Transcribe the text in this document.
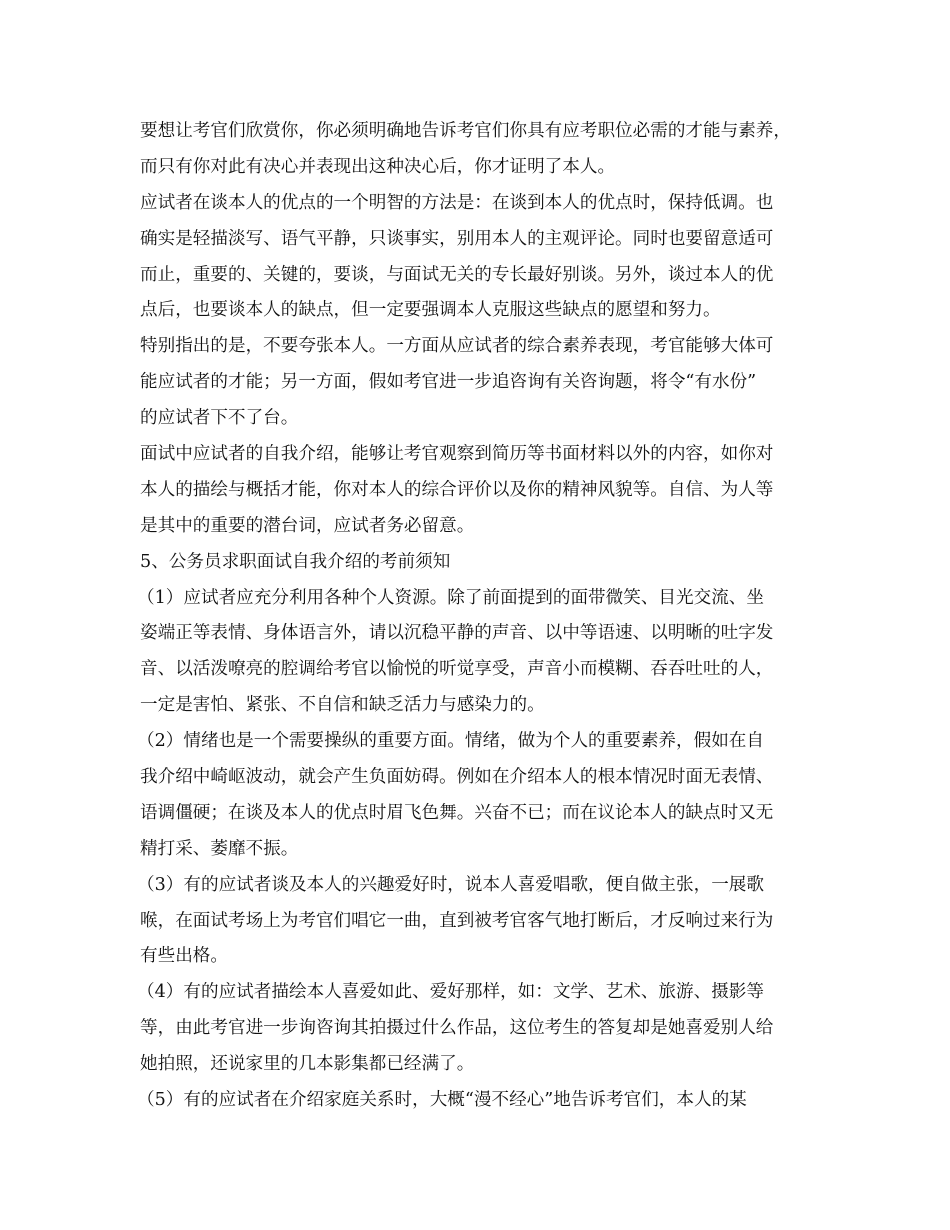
要想让考官们欣赏你，你必须明确地告诉考官们你具有应考职位必需的才能与素养，
而只有你对此有决心并表现出这种决心后，你才证明了本人。
应试者在谈本人的优点的一个明智的方法是：在谈到本人的优点时，保持低调。也
确实是轻描淡写、语气平静，只谈事实，别用本人的主观评论。同时也要留意适可
而止，重要的、关键的，要谈，与面试无关的专长最好别谈。另外，谈过本人的优
点后，也要谈本人的缺点，但一定要强调本人克服这些缺点的愿望和努力。
特别指出的是，不要夸张本人。一方面从应试者的综合素养表现，考官能够大体可
能应试者的才能；另一方面，假如考官进一步追咨询有关咨询题，将令“有水份”
的应试者下不了台。
面试中应试者的自我介绍，能够让考官观察到简历等书面材料以外的内容，如你对
本人的描绘与概括才能，你对本人的综合评价以及你的精神风貌等。自信、为人等
是其中的重要的潜台词，应试者务必留意。
5、公务员求职面试自我介绍的考前须知
（1）应试者应充分利用各种个人资源。除了前面提到的面带微笑、目光交流、坐
姿端正等表情、身体语言外，请以沉稳平静的声音、以中等语速、以明晰的吐字发
音、以活泼嘹亮的腔调给考官以愉悦的听觉享受，声音小而模糊、吞吞吐吐的人，
一定是害怕、紧张、不自信和缺乏活力与感染力的。
（2）情绪也是一个需要操纵的重要方面。情绪，做为个人的重要素养，假如在自
我介绍中崎岖波动，就会产生负面妨碍。例如在介绍本人的根本情况时面无表情、
语调僵硬；在谈及本人的优点时眉飞色舞。兴奋不已；而在议论本人的缺点时又无
精打采、萎靡不振。
（3）有的应试者谈及本人的兴趣爱好时，说本人喜爱唱歌，便自做主张，一展歌
喉，在面试考场上为考官们唱它一曲，直到被考官客气地打断后，才反响过来行为
有些出格。
（4）有的应试者描绘本人喜爱如此、爱好那样，如：文学、艺术、旅游、摄影等
等，由此考官进一步询咨询其拍摄过什么作品，这位考生的答复却是她喜爱别人给
她拍照，还说家里的几本影集都已经满了。
（5）有的应试者在介绍家庭关系时，大概“漫不经心”地告诉考官们，本人的某
